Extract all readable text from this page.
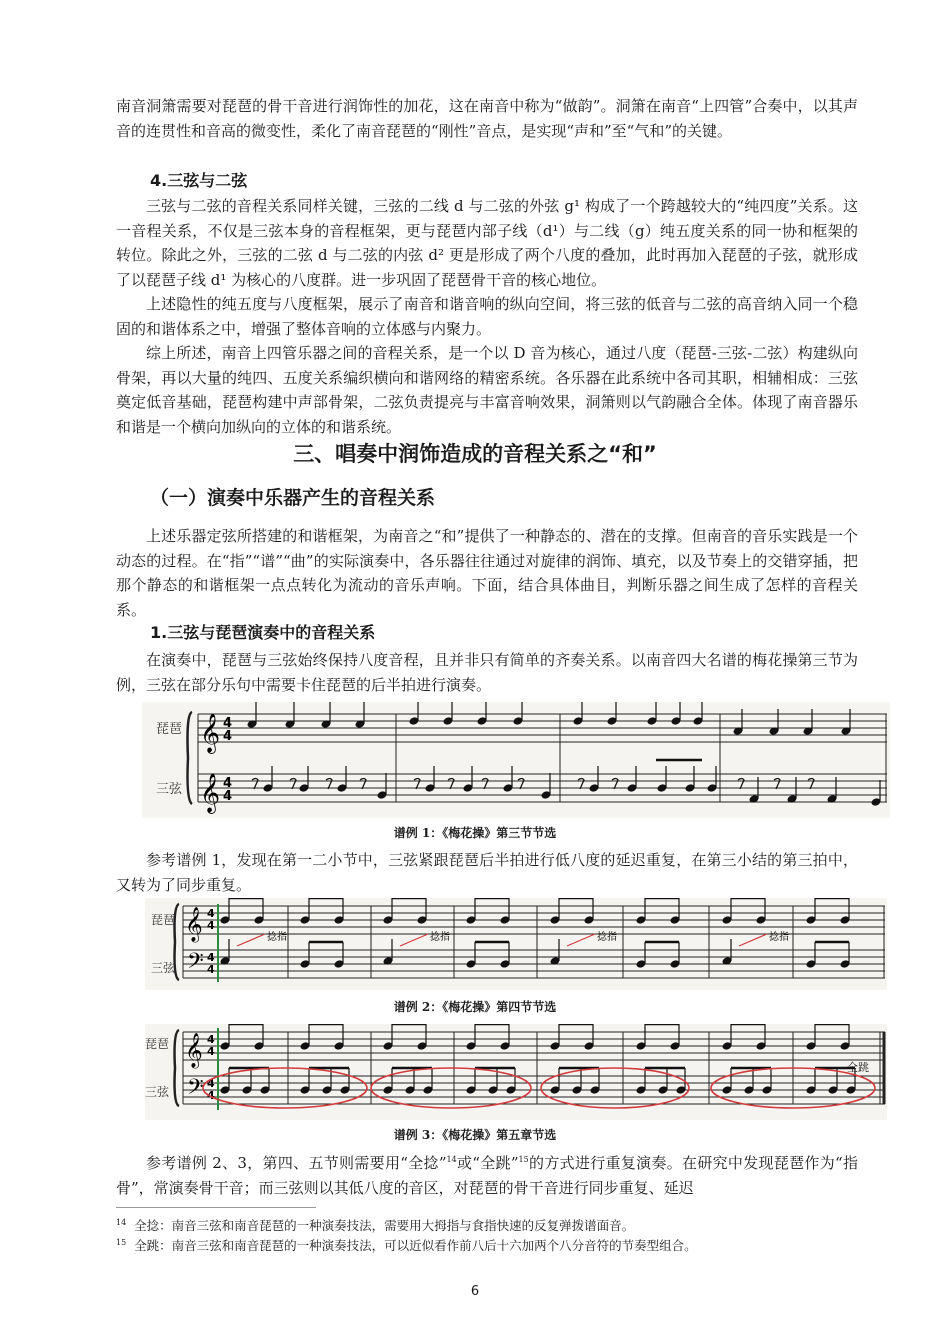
南音洞箫需要对琵琶的骨干音进行润饰性的加花，这在南音中称为“做韵”。洞箫在南音“上四管”合奏中，以其声音的连贯性和音高的微变性，柔化了南音琵琶的“刚性”音点，是实现“声和”至“气和”的关键。

4.三弦与二弦

三弦与二弦的音程关系同样关键，三弦的二线 d 与二弦的外弦 g¹ 构成了一个跨越较大的“纯四度”关系。这一音程关系，不仅是三弦本身的音程框架，更与琵琶内部子线（d¹）与二线（g）纯五度关系的同一协和框架的转位。除此之外，三弦的二弦 d 与二弦的内弦 d² 更是形成了两个八度的叠加，此时再加入琵琶的子弦，就形成了以琵琶子线 d¹ 为核心的八度群。进一步巩固了琵琶骨干音的核心地位。

上述隐性的纯五度与八度框架，展示了南音和谐音响的纵向空间，将三弦的低音与二弦的高音纳入同一个稳固的和谐体系之中，增强了整体音响的立体感与内聚力。

综上所述，南音上四管乐器之间的音程关系，是一个以 D 音为核心，通过八度（琵琶-三弦-二弦）构建纵向骨架，再以大量的纯四、五度关系编织横向和谐网络的精密系统。各乐器在此系统中各司其职，相辅相成：三弦奠定低音基础，琵琶构建中声部骨架，二弦负责提亮与丰富音响效果，洞箫则以气韵融合全体。体现了南音器乐和谐是一个横向加纵向的立体的和谐系统。

三、唱奏中润饰造成的音程关系之“和”

（一）演奏中乐器产生的音程关系

上述乐器定弦所搭建的和谐框架，为南音之“和”提供了一种静态的、潜在的支撑。但南音的音乐实践是一个动态的过程。在“指”“谱”“曲”的实际演奏中，各乐器往往通过对旋律的润饰、填充，以及节奏上的交错穿插，把那个静态的和谐框架一点点转化为流动的音乐声响。下面，结合具体曲目，判断乐器之间生成了怎样的音程关系。

1.三弦与琵琶演奏中的音程关系

在演奏中，琵琶与三弦始终保持八度音程，且并非只有简单的齐奏关系。以南音四大名谱的梅花操第三节为例，三弦在部分乐句中需要卡住琵琶的后半拍进行演奏。

琵琶
三弦
𝄞
𝄞
4
4
4
4

谱例 1：《梅花操》第三节节选

参考谱例 1，发现在第一二小节中，三弦紧跟琵琶后半拍进行低八度的延迟重复，在第三小结的第三拍中，又转为了同步重复。

琵琶
三弦
𝄞
𝄢
4
4
4
4
捻指	捻指	捻指	捻指

谱例 2：《梅花操》第四节节选

琵琶
三弦
𝄞
𝄢
4
4
4
4
全跳

谱例 3：《梅花操》第五章节选

参考谱例 2、3，第四、五节则需要用“全捻”$^{14}$或“全跳”$^{15}$的方式进行重复演奏。在研究中发现琵琶作为“指骨”，常演奏骨干音；而三弦则以其低八度的音区，对琵琶的骨干音进行同步重复、延迟

$^{14}$ 全捻：南音三弦和南音琵琶的一种演奏技法，需要用大拇指与食指快速的反复弹拨谱面音。

$^{15}$ 全跳：南音三弦和南音琵琶的一种演奏技法，可以近似看作前八后十六加两个八分音符的节奏型组合。

6
